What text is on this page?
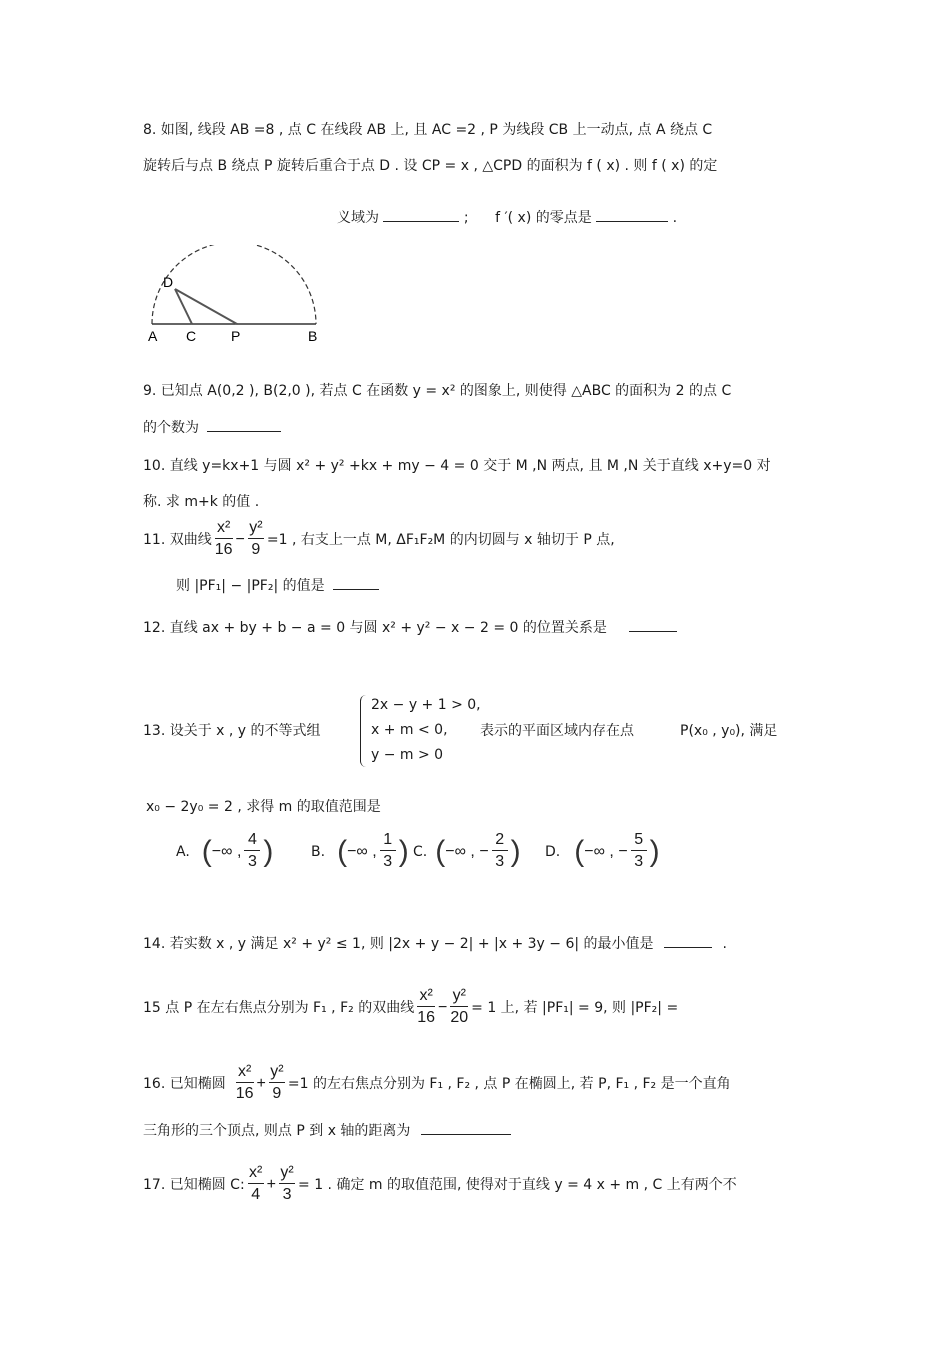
8. 如图, 线段 AB =8 , 点 C 在线段 AB 上, 且 AC =2 , P 为线段 CB 上一动点, 点 A 绕点 C
旋转后与点 B 绕点 P 旋转后重合于点 D . 设 CP = x , △CPD 的面积为 f ( x) . 则 f ( x) 的定
义域为	; f ′( x) 的零点是	.
D
A C P	B
9. 已知点 A(0,2 ), B(2,0 ), 若点 C 在函数 y = x² 的图象上, 则使得 △ABC 的面积为 2 的点 C
的个数为
10. 直线 y=kx+1 与圆 x² + y² +kx + my − 4 = 0 交于 M ,N 两点, 且 M ,N 关于直线 x+y=0 对
称. 求 m+k 的值 .
11. 双曲线 $\frac{\text{x²}}{16} - \frac{\text{y²}}{9} =1$ , 右支上一点 M, ΔF₁F₂M 的内切圆与 x 轴切于 P 点,
则 |PF₁| − |PF₂| 的值是
12. 直线 ax + by + b − a = 0 与圆 x² + y² − x − 2 = 0 的位置关系是
13. 设关于 x , y 的不等式组
2x − y + 1 > 0,
x + m < 0,
y − m > 0
表示的平面区域内存在点	P(x₀ , y₀), 满足
x₀ − 2y₀ = 2 , 求得 m 的取值范围是
A. ( −∞ , $\frac{4}{3}$ )	B. ( −∞ , $\frac{1}{3}$ ) C. ( −∞ , − $\frac{2}{3}$ ) D. ( −∞ , − $\frac{5}{3}$ )
14. 若实数 x , y 满足 x² + y² ≤ 1, 则 |2x + y − 2| + |x + 3y − 6| 的最小值是	.
15 点 P 在左右焦点分别为 F₁ , F₂ 的双曲线 $\frac{\text{x²}}{16} - \frac{\text{y²}}{20} = 1$ 上, 若 |PF₁| = 9, 则 |PF₂| =
16. 已知椭圆 $\frac{\text{x²}}{16} + \frac{\text{y²}}{9} =1$ 的左右焦点分别为 F₁ , F₂ , 点 P 在椭圆上, 若 P, F₁ , F₂ 是一个直角
三角形的三个顶点, 则点 P 到 x 轴的距离为
17. 已知椭圆 C: $\frac{\text{x²}}{4} + \frac{\text{y²}}{3} = 1$ . 确定 m 的取值范围, 使得对于直线 y = 4 x + m , C 上有两个不
